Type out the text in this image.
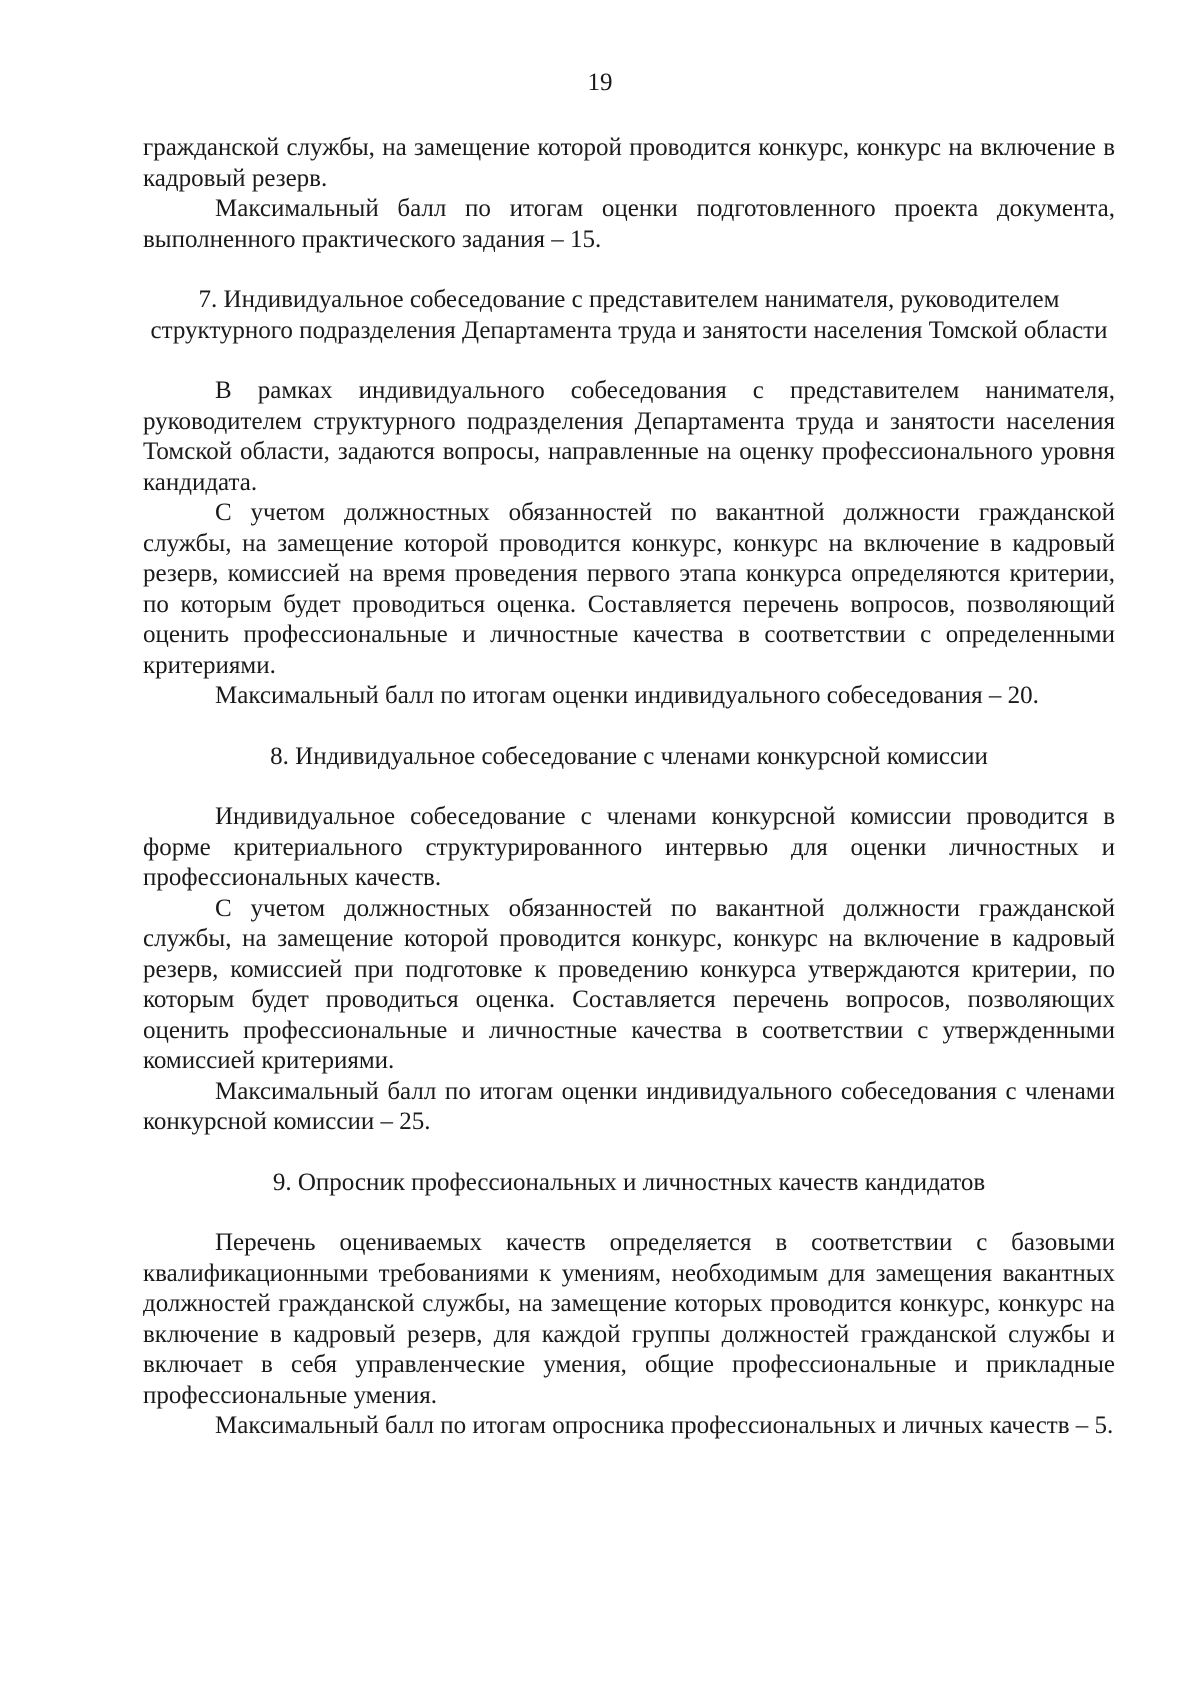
19

гражданской службы, на замещение которой проводится конкурс, конкурс на включение в кадровый резерв.

Максимальный балл по итогам оценки подготовленного проекта документа, выполненного практического задания – 15.

7. Индивидуальное собеседование с представителем нанимателя, руководителем структурного подразделения Департамента труда и занятости населения Томской области

В рамках индивидуального собеседования с представителем нанимателя, руководителем структурного подразделения Департамента труда и занятости населения Томской области, задаются вопросы, направленные на оценку профессионального уровня кандидата.

С учетом должностных обязанностей по вакантной должности гражданской службы, на замещение которой проводится конкурс, конкурс на включение в кадровый резерв, комиссией на время проведения первого этапа конкурса определяются критерии, по которым будет проводиться оценка. Составляется перечень вопросов, позволяющий оценить профессиональные и личностные качества в соответствии с определенными критериями.

Максимальный балл по итогам оценки индивидуального собеседования – 20.

8. Индивидуальное собеседование с членами конкурсной комиссии

Индивидуальное собеседование с членами конкурсной комиссии проводится в форме критериального структурированного интервью для оценки личностных и профессиональных качеств.

С учетом должностных обязанностей по вакантной должности гражданской службы, на замещение которой проводится конкурс, конкурс на включение в кадровый резерв, комиссией при подготовке к проведению конкурса утверждаются критерии, по которым будет проводиться оценка. Составляется перечень вопросов, позволяющих оценить профессиональные и личностные качества в соответствии с утвержденными комиссией критериями.

Максимальный балл по итогам оценки индивидуального собеседования с членами конкурсной комиссии – 25.

9. Опросник профессиональных и личностных качеств кандидатов

Перечень оцениваемых качеств определяется в соответствии с базовыми квалификационными требованиями к умениям, необходимым для замещения вакантных должностей гражданской службы, на замещение которых проводится конкурс, конкурс на включение в кадровый резерв, для каждой группы должностей гражданской службы и включает в себя управленческие умения, общие профессиональные и прикладные профессиональные умения.

Максимальный балл по итогам опросника профессиональных и личных качеств – 5.
